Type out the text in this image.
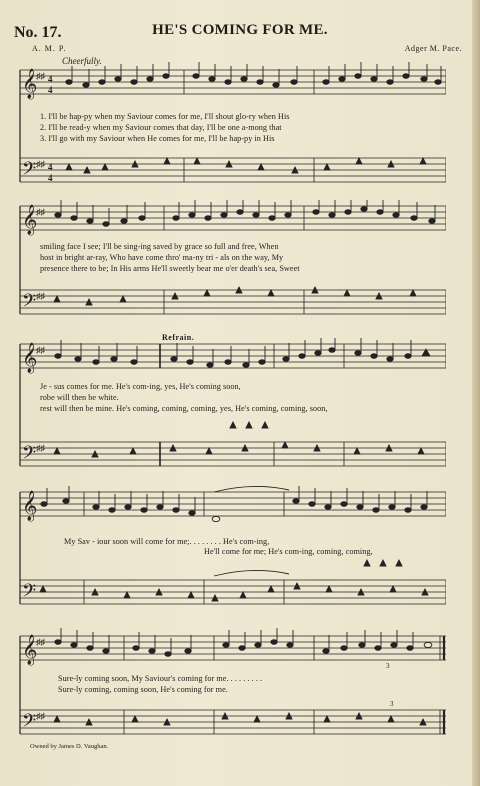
No. 17.	HE'S COMING FOR ME.
A. M. P.	Adger M. Pace.
Cheerfully.
𝄞
𝄢
♯♯
♯♯
4
4
4
4
1. I'll be hap-py when my Saviour comes for me, I'll shout glo-ry when His
2. I'll be read-y when my Saviour comes that day, I'll be one a-mong that
3. I'll go with my Saviour when He comes for me, I'll be hap-py in His
𝄞
𝄢
♯♯
♯♯
smiling face I see; I'll be sing-ing saved by grace so full and free, When
host in bright ar-ray, Who have come thro' ma-ny tri - als on the way, My
presence there to be; In His arms He'll sweetly bear me o'er death's sea, Sweet
Refrain.
𝄞
𝄢
♯♯
♯♯
Je - sus comes for me. He's com-ing, yes, He's coming soon,
robe will then be white.
rest will then be mine. He's coming, coming, coming, yes, He's coming, coming, soon,
𝄞
𝄢
My Sav - iour soon will come for me;. . . . . . . . He's com-ing,
He'll come for me; He's com-ing, coming, coming,
𝄞
𝄢
♯♯
♯♯
3
3
Sure-ly coming soon, My Saviour's coming for me. . . . . . . . .
Sure-ly coming, coming soon, He's coming for me.
Owned by James D. Vaughan.
